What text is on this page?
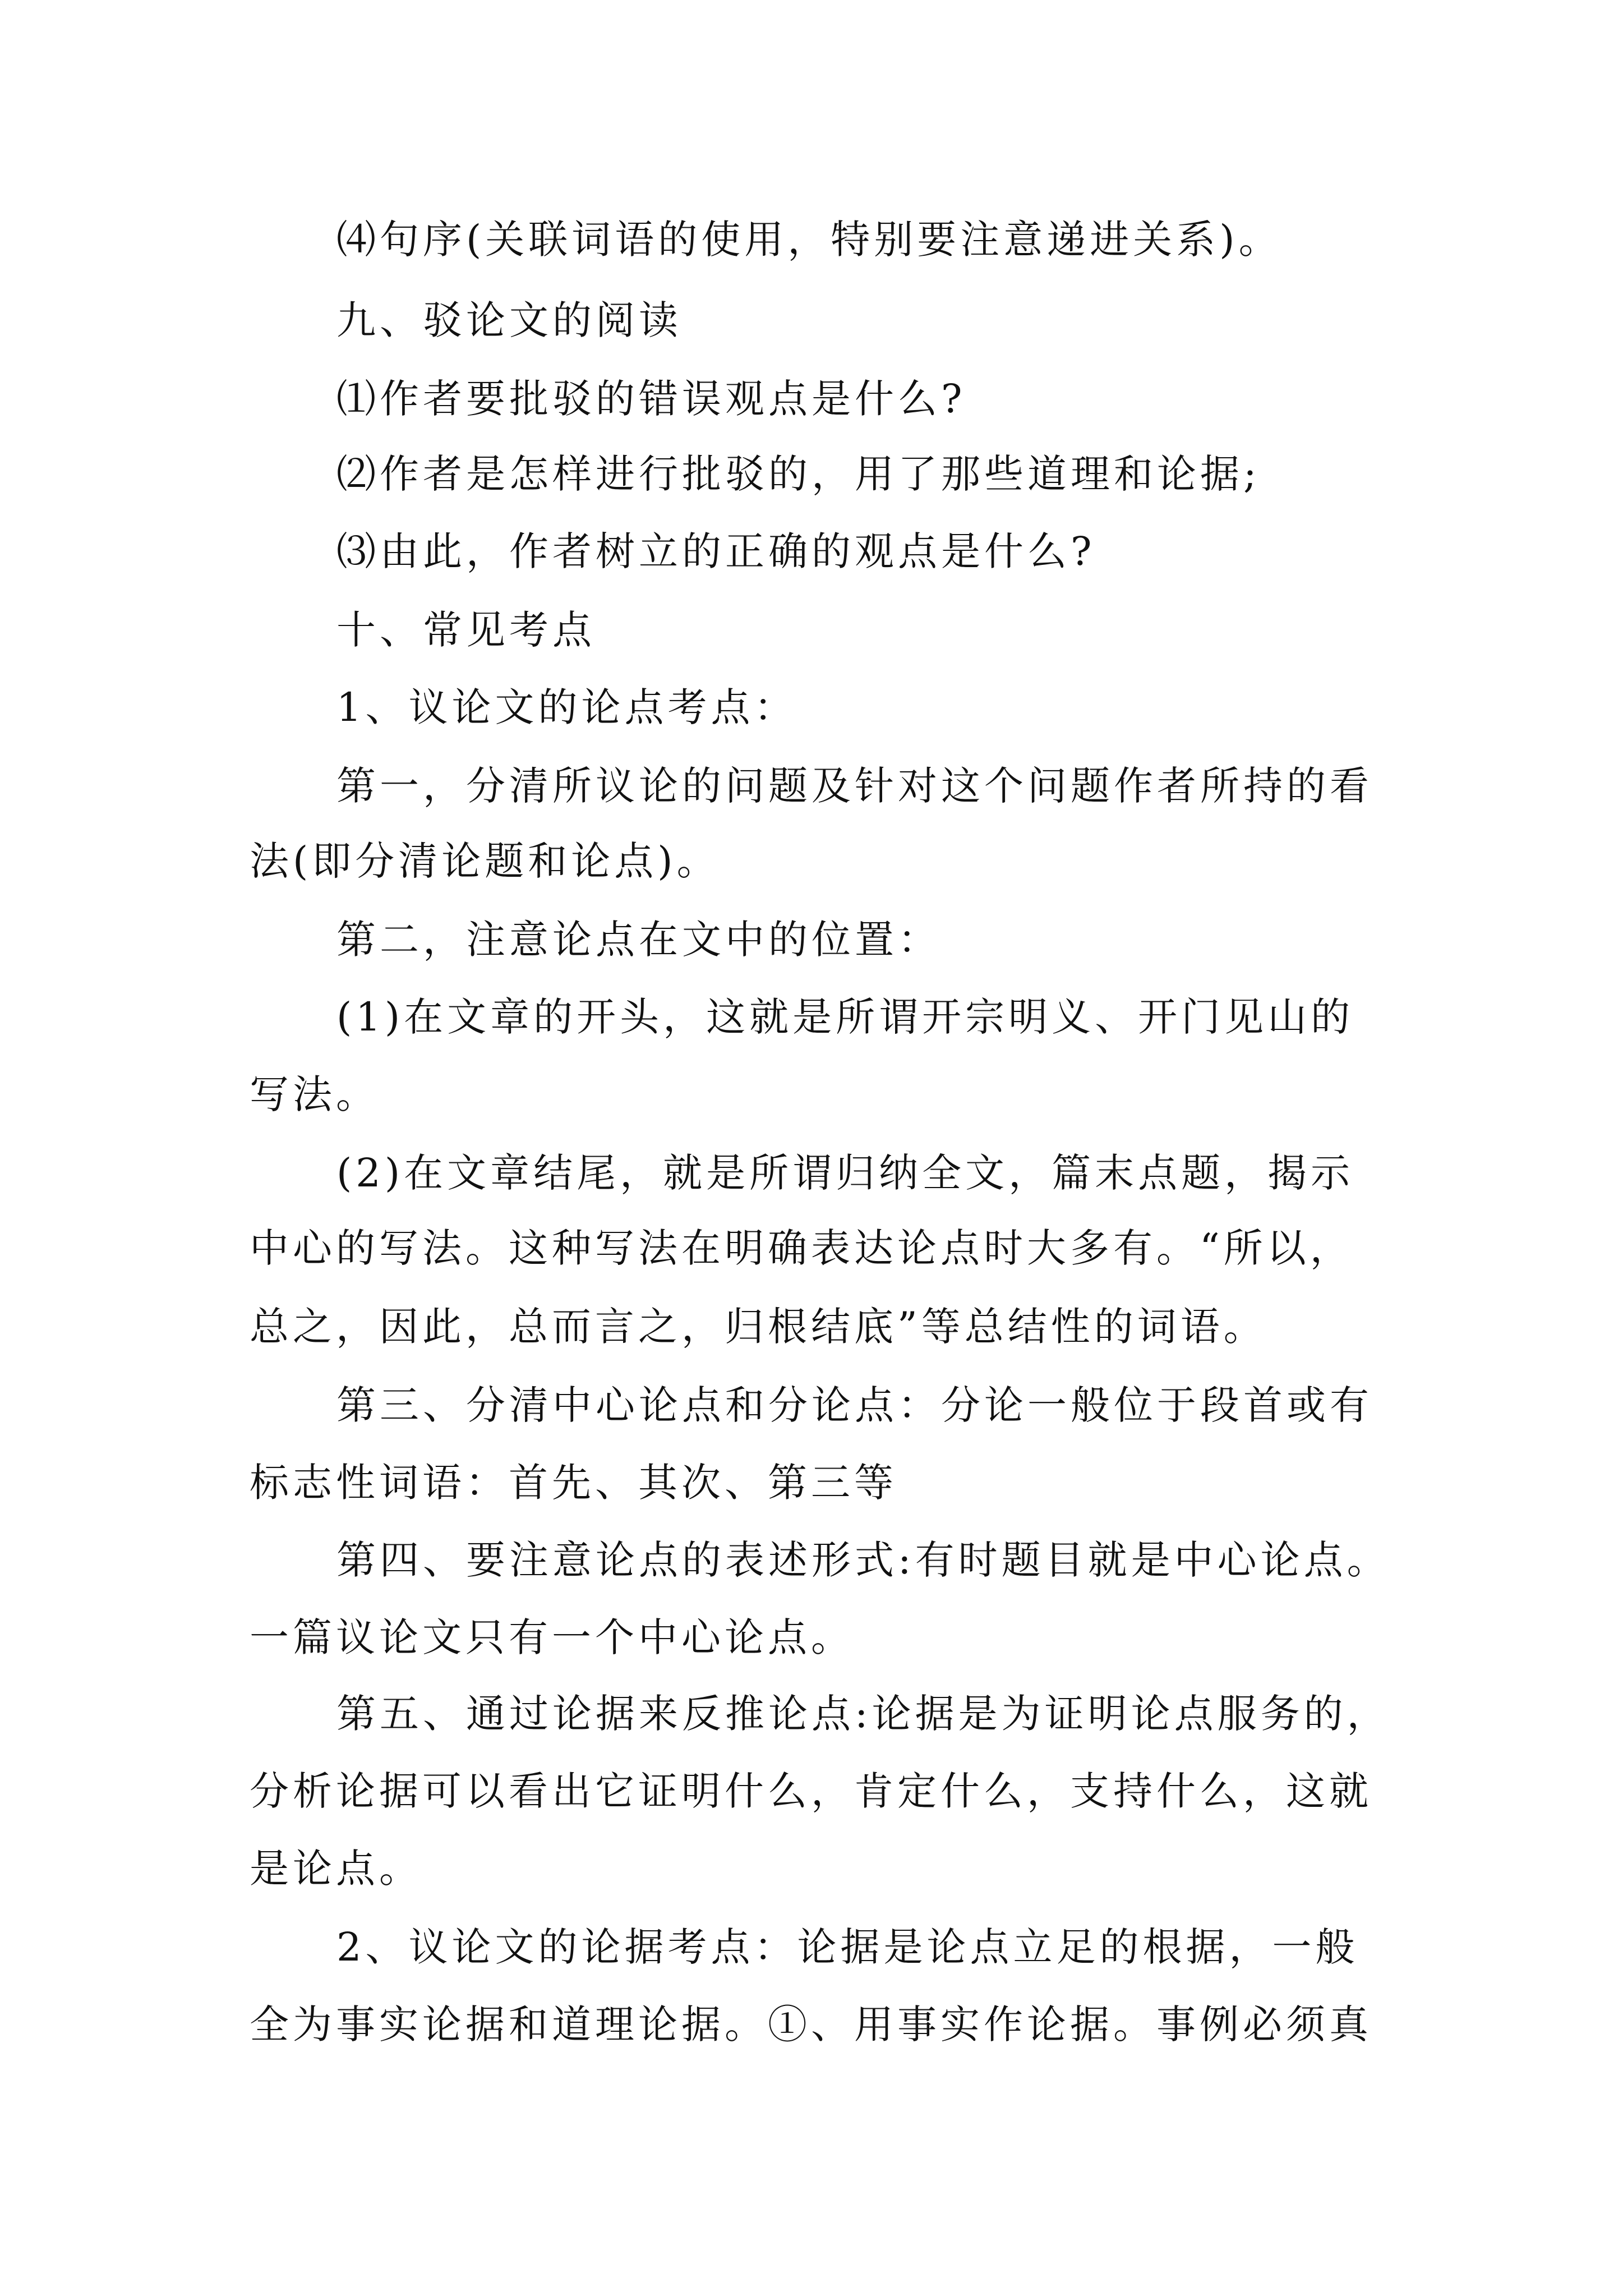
⑷句序(关联词语的使用，特别要注意递进关系)。
九、驳论文的阅读
⑴作者要批驳的错误观点是什么?
⑵作者是怎样进行批驳的，用了那些道理和论据;
⑶由此，作者树立的正确的观点是什么?
十、常见考点
1、议论文的论点考点：
第一，分清所议论的问题及针对这个问题作者所持的看
法(即分清论题和论点)。
第二，注意论点在文中的位置：
(1)在文章的开头，这就是所谓开宗明义、开门见山的
写法。
(2)在文章结尾，就是所谓归纳全文，篇末点题，揭示
中心的写法。这种写法在明确表达论点时大多有。“所以，
总之，因此，总而言之，归根结底”等总结性的词语。
第三、分清中心论点和分论点：分论一般位于段首或有
标志性词语：首先、其次、第三等
第四、要注意论点的表述形式:有时题目就是中心论点。
一篇议论文只有一个中心论点。
第五、通过论据来反推论点:论据是为证明论点服务的，
分析论据可以看出它证明什么，肯定什么，支持什么，这就
是论点。
2、议论文的论据考点：论据是论点立足的根据，一般
全为事实论据和道理论据。①、用事实作论据。事例必须真
